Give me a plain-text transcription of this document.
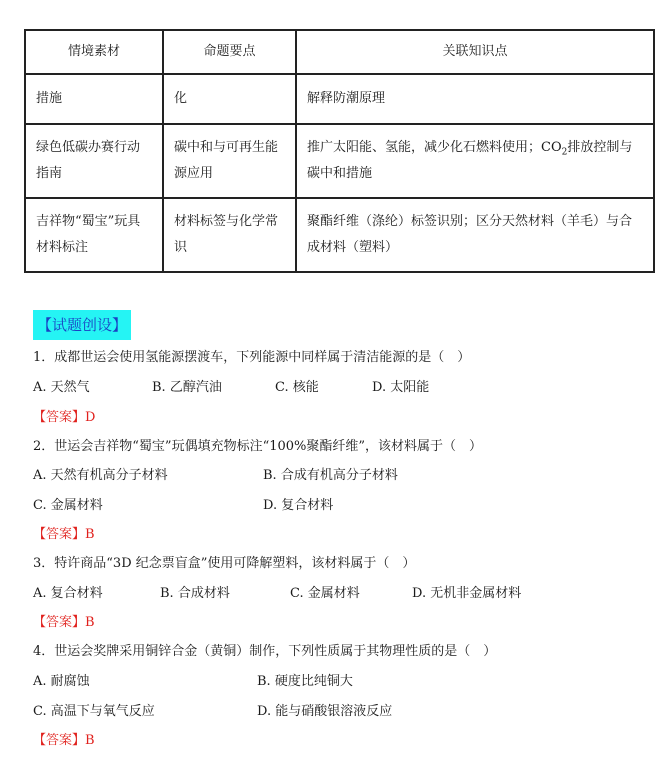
情境素材	命题要点	关联知识点
措施	化	解释防潮原理
绿色低碳办赛行动指南	碳中和与可再生能源应用	推广太阳能、氢能，减少化石燃料使用；$CO_2$排放控制与碳中和措施
吉祥物“蜀宝”玩具材料标注	材料标签与化学常识	聚酯纤维（涤纶）标签识别；区分天然材料（羊毛）与合成材料（塑料）
【试题创设】
1．成都世运会使用氢能源摆渡车，下列能源中同样属于清洁能源的是（　）
A. 天然气	B. 乙醇汽油	C. 核能	D. 太阳能
【答案】D
2．世运会吉祥物“蜀宝”玩偶填充物标注“100%聚酯纤维”，该材料属于（　）
A. 天然有机高分子材料	B. 合成有机高分子材料
C. 金属材料	D. 复合材料
【答案】B
3．特许商品“3D 纪念票盲盒”使用可降解塑料，该材料属于（　）
A. 复合材料	B. 合成材料	C. 金属材料	D. 无机非金属材料
【答案】B
4．世运会奖牌采用铜锌合金（黄铜）制作，下列性质属于其物理性质的是（　）
A. 耐腐蚀	B. 硬度比纯铜大
C. 高温下与氧气反应	D. 能与硝酸银溶液反应
【答案】B
